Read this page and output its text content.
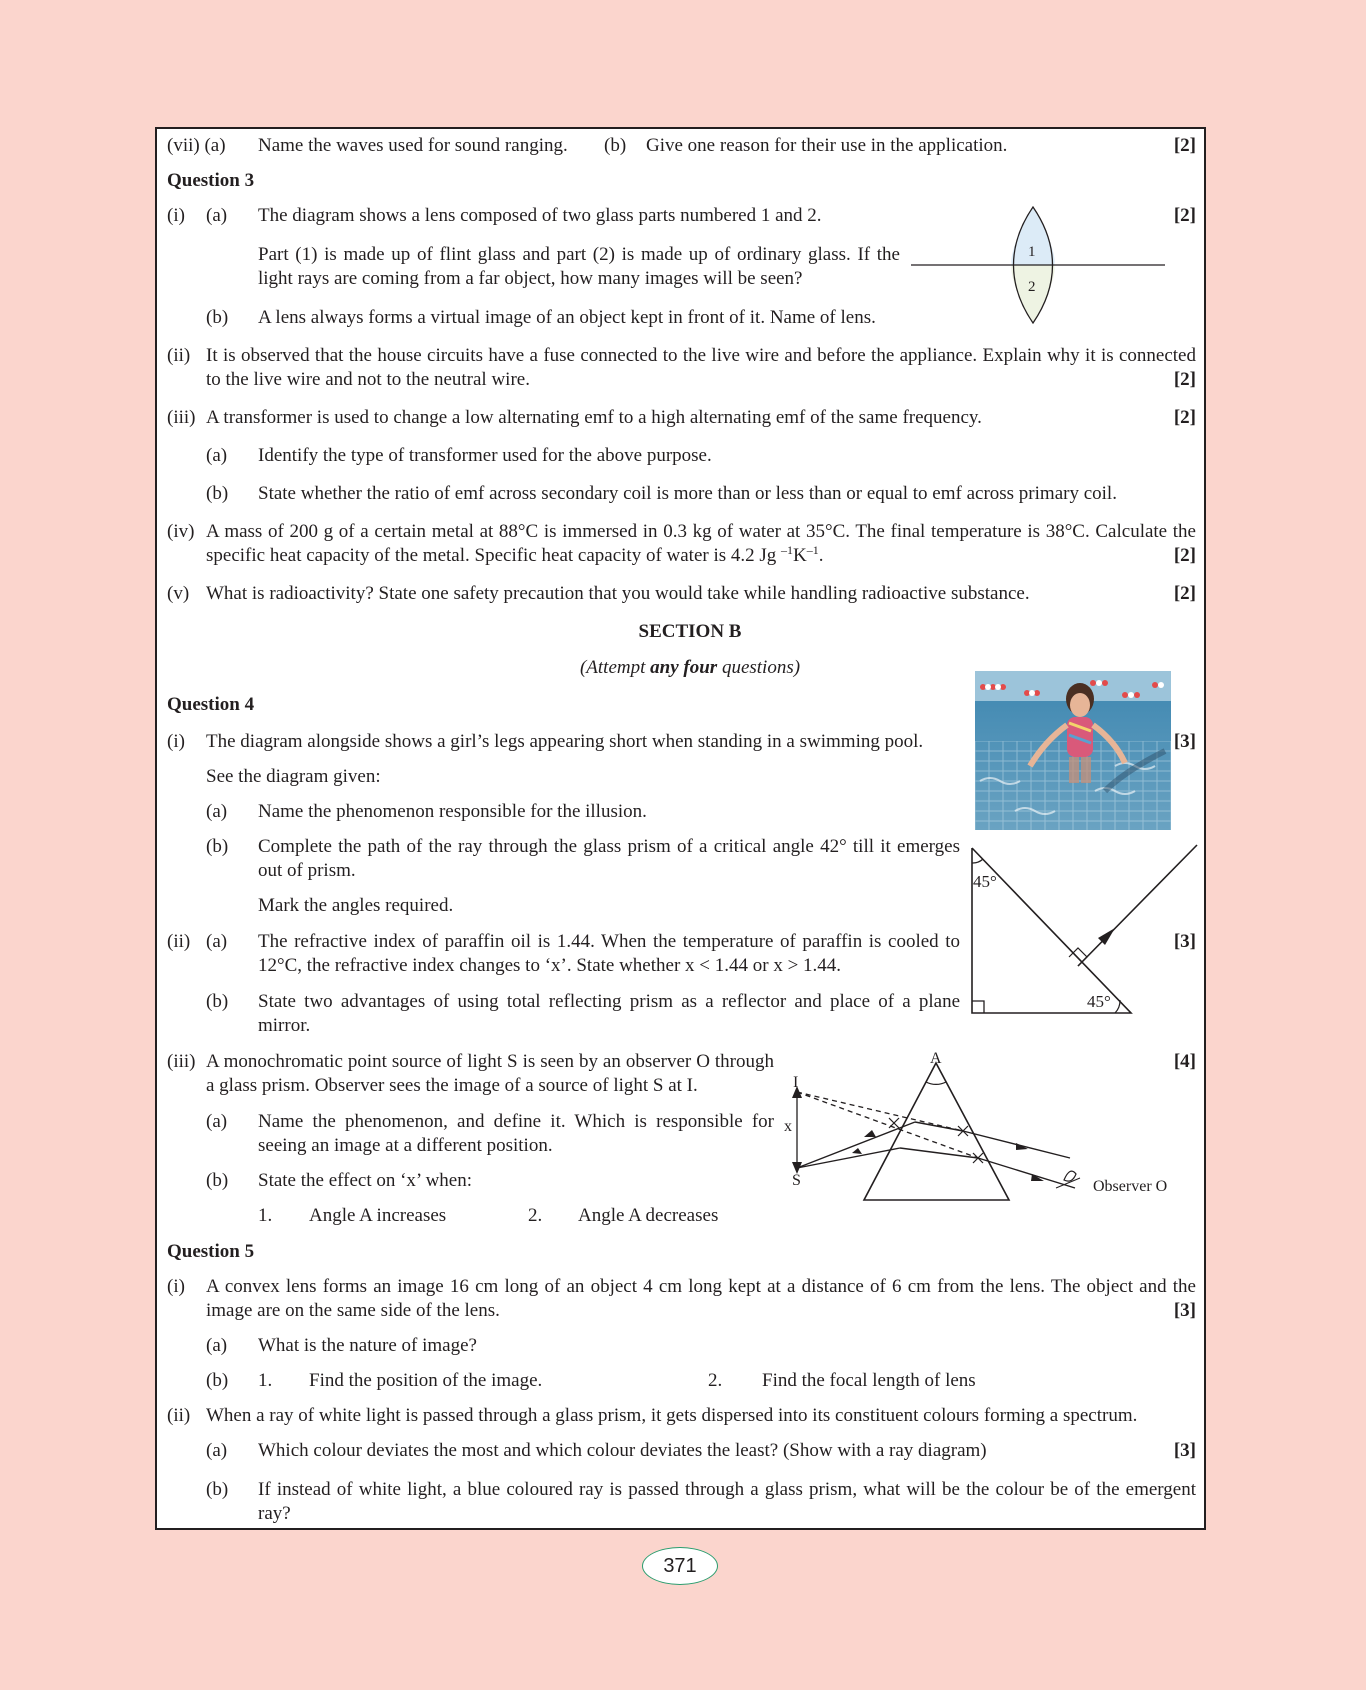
(vii) (a) Name the waves used for sound ranging. (b) Give one reason for their use in the application.	[2]
Question 3
(i) (a) The diagram shows a lens composed of two glass parts numbered 1 and 2.	[2]
Part (1) is made up of flint glass and part (2) is made up of ordinary glass. If the light rays are coming from a far object, how many images will be seen?
(b) A lens always forms a virtual image of an object kept in front of it. Name of lens.
1
2
(ii) It is observed that the house circuits have a fuse connected to the live wire and before the appliance. Explain why it is connected to the live wire and not to the neutral wire.	[2]
(iii) A transformer is used to change a low alternating emf to a high alternating emf of the same frequency.	[2]
(a) Identify the type of transformer used for the above purpose.
(b) State whether the ratio of emf across secondary coil is more than or less than or equal to emf across primary coil.
(iv) A mass of 200 g of a certain metal at 88°C is immersed in 0.3 kg of water at 35°C. The final temperature is 38°C. Calculate the specific heat capacity of the metal. Specific heat capacity of water is 4.2 Jg $^{-1}K^{-1}$.	[2]
(v) What is radioactivity? State one safety precaution that you would take while handling radioactive substance.	[2]
SECTION B
(Attempt any four questions)
Question 4
(i) The diagram alongside shows a girl’s legs appearing short when standing in a swimming pool.	[3]
See the diagram given:
(a) Name the phenomenon responsible for the illusion.
(b) Complete the path of the ray through the glass prism of a critical angle 42° till it emerges out of prism.
Mark the angles required.
45°
45°
(ii) (a) The refractive index of paraffin oil is 1.44. When the temperature of paraffin is cooled to 12°C, the refractive index changes to ‘x’. State whether x < 1.44 or x > 1.44.
[3]
(b) State two advantages of using total reflecting prism as a reflector and place of a plane mirror.
(iii) A monochromatic point source of light S is seen by an observer O through a glass prism. Observer sees the image of a source of light S at I.
[4]
(a) Name the phenomenon, and define it. Which is responsible for seeing an image at a different position.
(b) State the effect on ‘x’ when:
1. Angle A increases	2. Angle A decreases
A
I
x
S	Observer O
Question 5
(i) A convex lens forms an image 16 cm long of an object 4 cm long kept at a distance of 6 cm from the lens. The object and the image are on the same side of the lens.	[3]
(a) What is the nature of image?
(b) 1. Find the position of the image.	2. Find the focal length of lens
(ii) When a ray of white light is passed through a glass prism, it gets dispersed into its constituent colours forming a spectrum.
(a) Which colour deviates the most and which colour deviates the least? (Show with a ray diagram)	[3]
(b) If instead of white light, a blue coloured ray is passed through a glass prism, what will be the colour be of the emergent ray?
371
